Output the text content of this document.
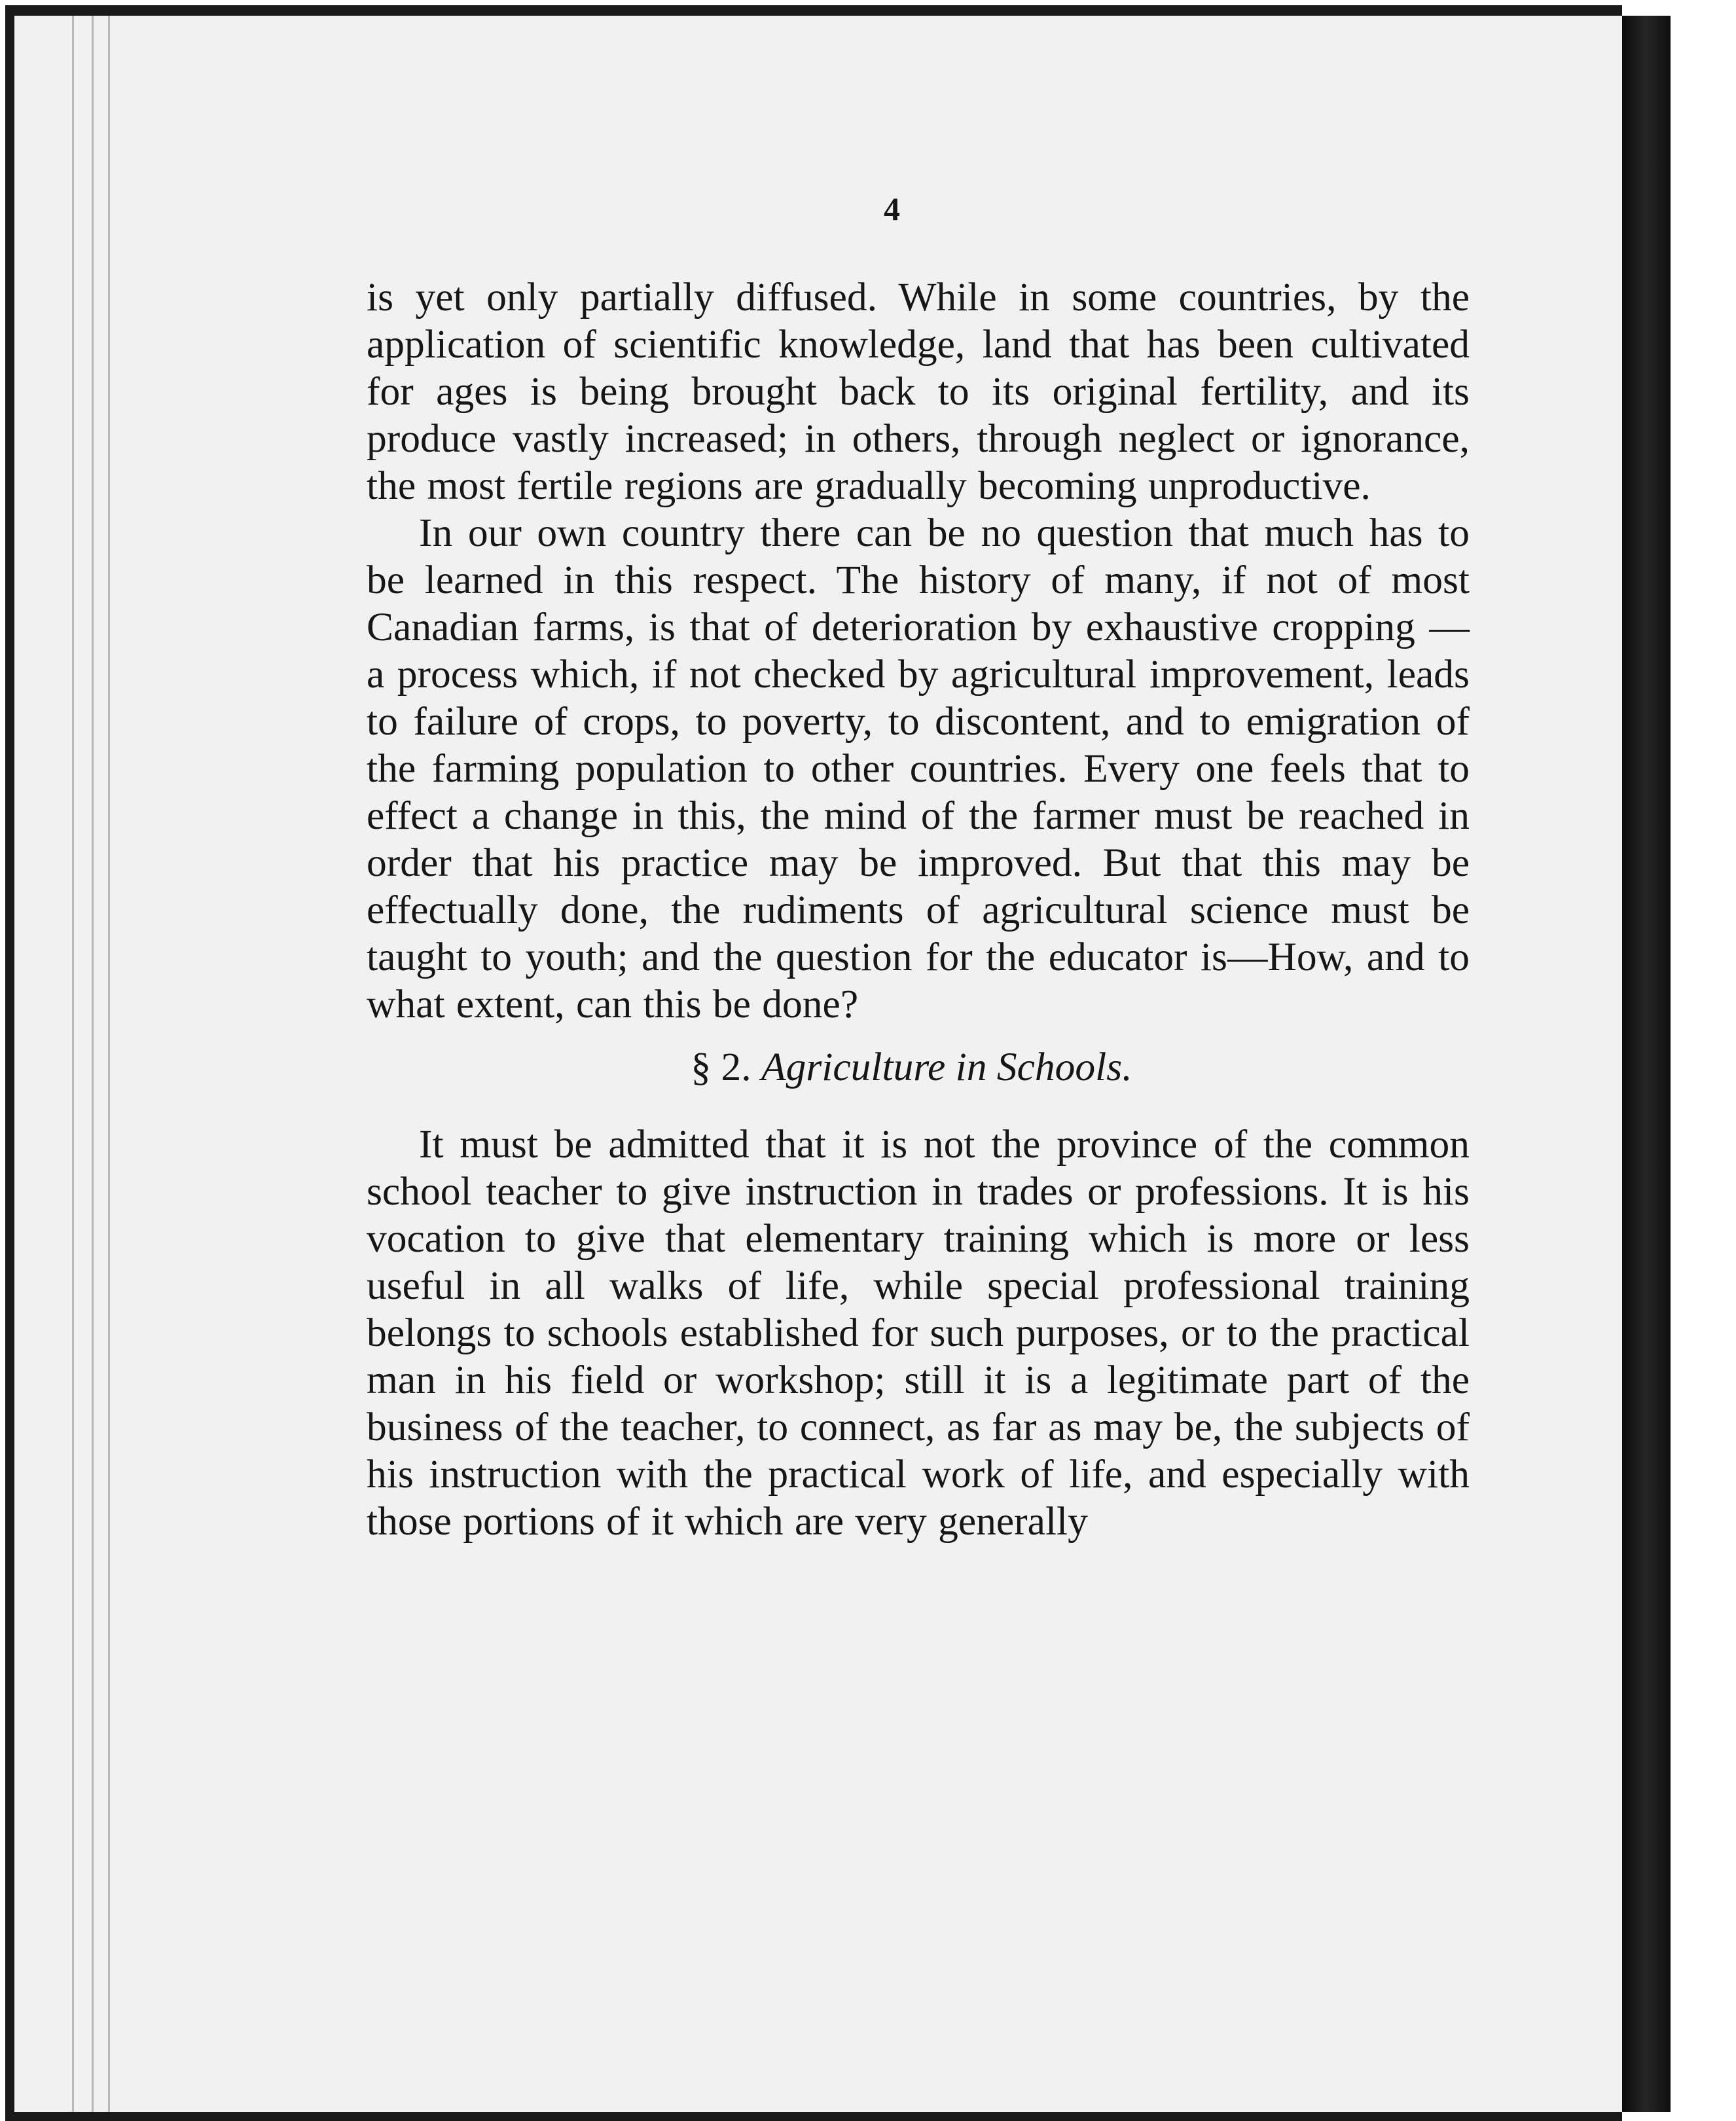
4

is yet only partially diffused. While in some countries, by the application of scientific knowledge, land that has been cultivated for ages is being brought back to its original fertility, and its produce vastly increased; in others, through neglect or ignorance, the most fertile regions are gradually becoming unproductive.

In our own country there can be no question that much has to be learned in this respect. The history of many, if not of most Canadian farms, is that of deterioration by exhaustive cropping — a process which, if not checked by agricultural improvement, leads to failure of crops, to poverty, to discontent, and to emigration of the farming population to other countries. Every one feels that to effect a change in this, the mind of the farmer must be reached in order that his practice may be improved. But that this may be effectually done, the rudiments of agricultural science must be taught to youth; and the question for the educator is—How, and to what extent, can this be done?

§ 2. Agriculture in Schools.

It must be admitted that it is not the province of the common school teacher to give instruction in trades or professions. It is his vocation to give that elementary training which is more or less useful in all walks of life, while special professional training belongs to schools established for such purposes, or to the practical man in his field or workshop; still it is a legitimate part of the business of the teacher, to connect, as far as may be, the subjects of his instruction with the practical work of life, and especially with those portions of it which are very generally
